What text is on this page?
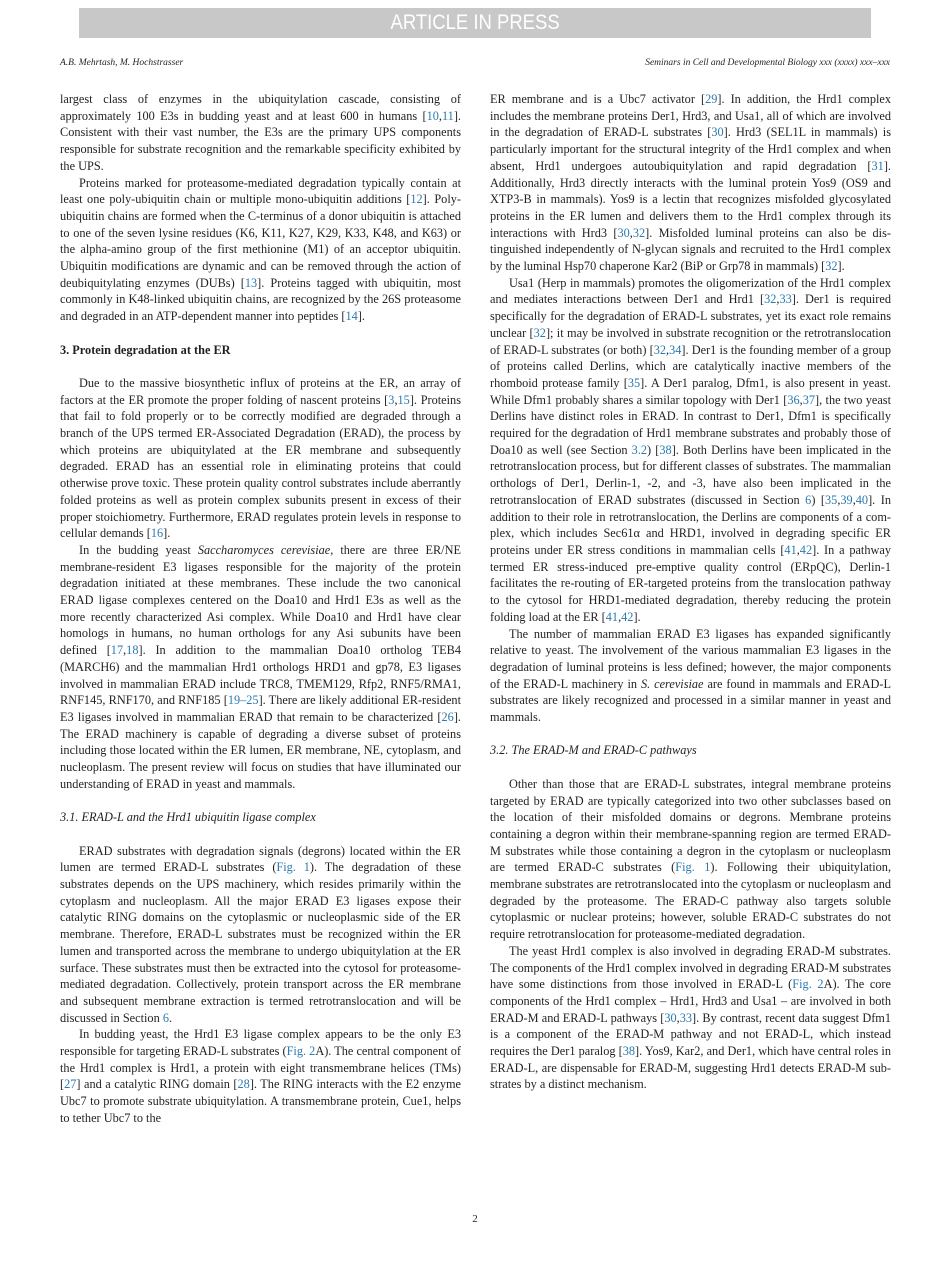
ARTICLE IN PRESS
A.B. Mehrtash, M. Hochstrasser	Seminars in Cell and Developmental Biology xxx (xxxx) xxx–xxx

largest class of enzymes in the ubiquitylation cascade, consisting of approximately 100 E3s in budding yeast and at least 600 in humans [10,11]. Consistent with their vast number, the E3s are the primary UPS components responsible for substrate recognition and the remarkable specificity exhibited by the UPS.

Proteins marked for proteasome-mediated degradation typically contain at least one poly-ubiquitin chain or multiple mono-ubiquitin additions [12]. Poly-ubiquitin chains are formed when the C-terminus of a donor ubiquitin is attached to one of the seven lysine residues (K6, K11, K27, K29, K33, K48, and K63) or the alpha-amino group of the first methionine (M1) of an acceptor ubiquitin. Ubiquitin modifications are dynamic and can be removed through the action of deubiquitylating enzymes (DUBs) [13]. Proteins tagged with ubiquitin, most commonly in K48-linked ubiquitin chains, are recognized by the 26S proteasome and degraded in an ATP-dependent manner into peptides [14].

3. Protein degradation at the ER

Due to the massive biosynthetic influx of proteins at the ER, an array of factors at the ER promote the proper folding of nascent proteins [3,15]. Proteins that fail to fold properly or to be correctly modified are degraded through a branch of the UPS termed ER-Associated Degradation (ERAD), the process by which proteins are ubiquitylated at the ER membrane and subsequently degraded. ERAD has an essential role in eliminating proteins that could otherwise prove toxic. These protein quality control substrates include aberrantly folded proteins as well as protein complex subunits present in excess of their proper stoichiometry. Furthermore, ERAD regulates protein levels in response to cellular demands [16].

In the budding yeast Saccharomyces cerevisiae, there are three ER/NE membrane-resident E3 ligases responsible for the majority of the protein degradation initiated at these membranes. These include the two canonical ERAD ligase complexes centered on the Doa10 and Hrd1 E3s as well as the more recently characterized Asi complex. While Doa10 and Hrd1 have clear homologs in humans, no human orthologs for any Asi subunits have been defined [17,18]. In addition to the mammalian Doa10 ortholog TEB4 (MARCH6) and the mammalian Hrd1 orthologs HRD1 and gp78, E3 ligases involved in mammalian ERAD include TRC8, TMEM129, Rfp2, RNF5/RMA1, RNF145, RNF170, and RNF185 [19–25]. There are likely additional ER-resident E3 ligases involved in mammalian ERAD that remain to be characterized [26]. The ERAD machinery is capable of degrading a diverse subset of proteins including those located within the ER lumen, ER membrane, NE, cytoplasm, and nucleoplasm. The present review will focus on studies that have illuminated our understanding of ERAD in yeast and mammals.

3.1. ERAD-L and the Hrd1 ubiquitin ligase complex

ERAD substrates with degradation signals (degrons) located within the ER lumen are termed ERAD-L substrates (Fig. 1). The degradation of these substrates depends on the UPS machinery, which resides primarily within the cytoplasm and nucleoplasm. All the major ERAD E3 ligases expose their catalytic RING domains on the cytoplasmic or nucleoplasmic side of the ER membrane. Therefore, ERAD-L substrates must be recognized within the ER lumen and transported across the membrane to undergo ubiquitylation at the ER surface. These substrates must then be extracted into the cytosol for proteasome-mediated degradation. Collectively, protein transport across the ER membrane and subsequent membrane extraction is termed retrotranslocation and will be discussed in Section 6.

In budding yeast, the Hrd1 E3 ligase complex appears to be the only E3 responsible for targeting ERAD-L substrates (Fig. 2A). The central component of the Hrd1 complex is Hrd1, a protein with eight transmembrane helices (TMs) [27] and a catalytic RING domain [28]. The RING interacts with the E2 enzyme Ubc7 to promote substrate ubiquitylation. A transmembrane protein, Cue1, helps to tether Ubc7 to the

ER membrane and is a Ubc7 activator [29]. In addition, the Hrd1 complex includes the membrane proteins Der1, Hrd3, and Usa1, all of which are involved in the degradation of ERAD-L substrates [30]. Hrd3 (SEL1L in mammals) is particularly important for the structural integrity of the Hrd1 complex and when absent, Hrd1 undergoes autoubiquitylation and rapid degradation [31]. Additionally, Hrd3 directly interacts with the luminal protein Yos9 (OS9 and XTP3-B in mammals). Yos9 is a lectin that recognizes misfolded glycosylated proteins in the ER lumen and delivers them to the Hrd1 complex through its interactions with Hrd3 [30,32]. Misfolded luminal proteins can also be distinguished independently of N-glycan signals and recruited to the Hrd1 complex by the luminal Hsp70 chaperone Kar2 (BiP or Grp78 in mammals) [32].

Usa1 (Herp in mammals) promotes the oligomerization of the Hrd1 complex and mediates interactions between Der1 and Hrd1 [32,33]. Der1 is required specifically for the degradation of ERAD-L substrates, yet its exact role remains unclear [32]; it may be involved in substrate recognition or the retrotranslocation of ERAD-L substrates (or both) [32,34]. Der1 is the founding member of a group of proteins called Derlins, which are catalytically inactive members of the rhomboid protease family [35]. A Der1 paralog, Dfm1, is also present in yeast. While Dfm1 probably shares a similar topology with Der1 [36,37], the two yeast Derlins have distinct roles in ERAD. In contrast to Der1, Dfm1 is specifically required for the degradation of Hrd1 membrane substrates and probably those of Doa10 as well (see Section 3.2) [38]. Both Derlins have been implicated in the retrotranslocation process, but for different classes of substrates. The mammalian orthologs of Der1, Derlin-1, -2, and -3, have also been implicated in the retrotranslocation of ERAD substrates (discussed in Section 6) [35,39,40]. In addition to their role in retrotranslocation, the Derlins are components of a complex, which includes Sec61α and HRD1, involved in degrading specific ER proteins under ER stress conditions in mammalian cells [41,42]. In a pathway termed ER stress-induced pre-emptive quality control (ERpQC), Derlin-1 facilitates the re-routing of ER-targeted proteins from the translocation pathway to the cytosol for HRD1-mediated degradation, thereby reducing the protein folding load at the ER [41,42].

The number of mammalian ERAD E3 ligases has expanded significantly relative to yeast. The involvement of the various mammalian E3 ligases in the degradation of luminal proteins is less defined; however, the major components of the ERAD-L machinery in S. cerevisiae are found in mammals and ERAD-L substrates are likely recognized and processed in a similar manner in yeast and mammals.

3.2. The ERAD-M and ERAD-C pathways

Other than those that are ERAD-L substrates, integral membrane proteins targeted by ERAD are typically categorized into two other subclasses based on the location of their misfolded domains or degrons. Membrane proteins containing a degron within their membrane-spanning region are termed ERAD-M substrates while those containing a degron in the cytoplasm or nucleoplasm are termed ERAD-C substrates (Fig. 1). Following their ubiquitylation, membrane substrates are retrotranslocated into the cytoplasm or nucleoplasm and degraded by the proteasome. The ERAD-C pathway also targets soluble cytoplasmic or nuclear proteins; however, soluble ERAD-C substrates do not require retrotranslocation for proteasome-mediated degradation.

The yeast Hrd1 complex is also involved in degrading ERAD-M substrates. The components of the Hrd1 complex involved in degrading ERAD-M substrates have some distinctions from those involved in ERAD-L (Fig. 2A). The core components of the Hrd1 complex – Hrd1, Hrd3 and Usa1 – are involved in both ERAD-M and ERAD-L pathways [30,33]. By contrast, recent data suggest Dfm1 is a component of the ERAD-M pathway and not ERAD-L, which instead requires the Der1 paralog [38]. Yos9, Kar2, and Der1, which have central roles in ERAD-L, are dispensable for ERAD-M, suggesting Hrd1 detects ERAD-M substrates by a distinct mechanism.

2
